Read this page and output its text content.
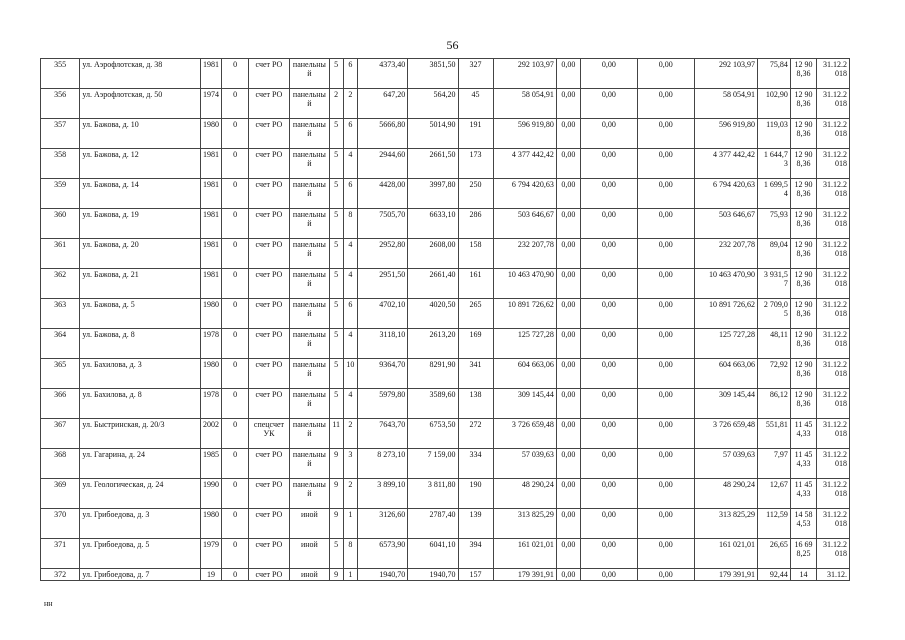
56
355	ул. Аэрофлотская, д. 38	1981	0	счет РО	панельный	5	6	4373,40	3851,50	327	292 103,97	0,00	0,00	0,00	292 103,97	75,84	12 908,36	31.12.2018
356	ул. Аэрофлотская, д. 50	1974	0	счет РО	панельный	2	2	647,20	564,20	45	58 054,91	0,00	0,00	0,00	58 054,91	102,90	12 908,36	31.12.2018
357	ул. Бажова, д. 10	1980	0	счет РО	панельный	5	6	5666,80	5014,90	191	596 919,80	0,00	0,00	0,00	596 919,80	119,03	12 908,36	31.12.2018
358	ул. Бажова, д. 12	1981	0	счет РО	панельный	5	4	2944,60	2661,50	173	4 377 442,42	0,00	0,00	0,00	4 377 442,42	1 644,73	12 908,36	31.12.2018
359	ул. Бажова, д. 14	1981	0	счет РО	панельный	5	6	4428,00	3997,80	250	6 794 420,63	0,00	0,00	0,00	6 794 420,63	1 699,54	12 908,36	31.12.2018
360	ул. Бажова, д. 19	1981	0	счет РО	панельный	5	8	7505,70	6633,10	286	503 646,67	0,00	0,00	0,00	503 646,67	75,93	12 908,36	31.12.2018
361	ул. Бажова, д. 20	1981	0	счет РО	панельный	5	4	2952,80	2608,00	158	232 207,78	0,00	0,00	0,00	232 207,78	89,04	12 908,36	31.12.2018
362	ул. Бажова, д. 21	1981	0	счет РО	панельный	5	4	2951,50	2661,40	161	10 463 470,90	0,00	0,00	0,00	10 463 470,90	3 931,57	12 908,36	31.12.2018
363	ул. Бажова, д. 5	1980	0	счет РО	панельный	5	6	4702,10	4020,50	265	10 891 726,62	0,00	0,00	0,00	10 891 726,62	2 709,05	12 908,36	31.12.2018
364	ул. Бажова, д. 8	1978	0	счет РО	панельный	5	4	3118,10	2613,20	169	125 727,28	0,00	0,00	0,00	125 727,28	48,11	12 908,36	31.12.2018
365	ул. Бахилова, д. 3	1980	0	счет РО	панельный	5	10	9364,70	8291,90	341	604 663,06	0,00	0,00	0,00	604 663,06	72,92	12 908,36	31.12.2018
366	ул. Бахилова, д. 8	1978	0	счет РО	панельный	5	4	5979,80	3589,60	138	309 145,44	0,00	0,00	0,00	309 145,44	86,12	12 908,36	31.12.2018
367	ул. Быстринская, д. 20/3	2002	0	спецсчет УК	панельный	11	2	7643,70	6753,50	272	3 726 659,48	0,00	0,00	0,00	3 726 659,48	551,81	11 454,33	31.12.2018
368	ул. Гагарина, д. 24	1985	0	счет РО	панельный	9	3	8 273,10	7 159,00	334	57 039,63	0,00	0,00	0,00	57 039,63	7,97	11 454,33	31.12.2018
369	ул. Геологическая, д. 24	1990	0	счет РО	панельный	9	2	3 899,10	3 811,80	190	48 290,24	0,00	0,00	0,00	48 290,24	12,67	11 454,33	31.12.2018
370	ул. Грибоедова, д. 3	1980	0	счет РО	иной	9	1	3126,60	2787,40	139	313 825,29	0,00	0,00	0,00	313 825,29	112,59	14 584,53	31.12.2018
371	ул. Грибоедова, д. 5	1979	0	счет РО	иной	5	8	6573,90	6041,10	394	161 021,01	0,00	0,00	0,00	161 021,01	26,65	16 698,25	31.12.2018
372	ул. Грибоедова, д. 7	19	0	счет РО	иной	9	1	1940,70	1940,70	157	179 391,91	0,00	0,00	0,00	179 391,91	92,44	14	31.12.
нн
